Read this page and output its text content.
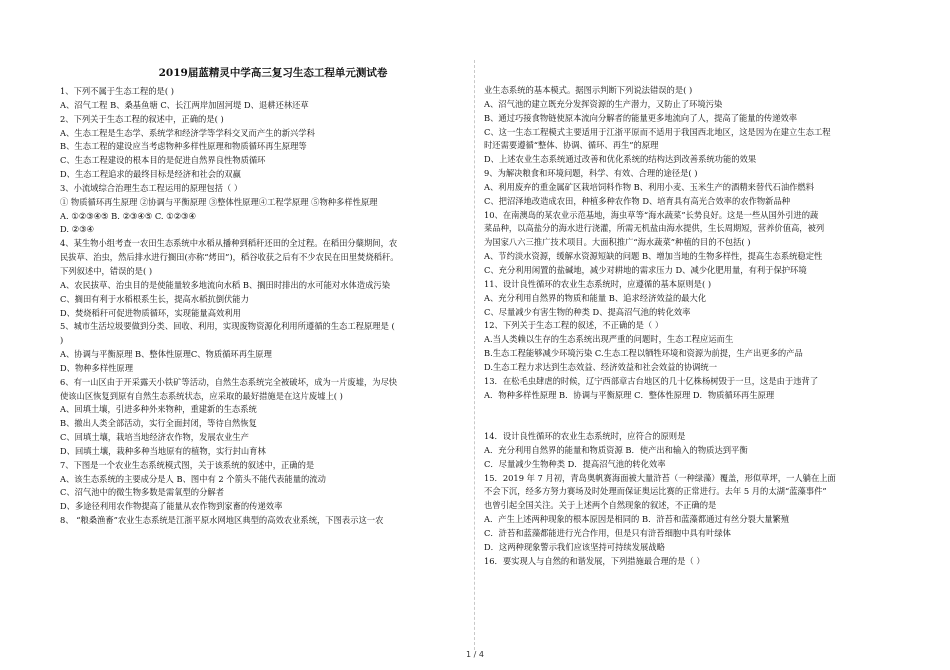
2019届蓝精灵中学高三复习生态工程单元测试卷
1、下列不属于生态工程的是( )
A、沼气工程 B、桑基鱼塘 C、长江两岸加固河堤 D、退耕还林还草
2、下列关于生态工程的叙述中，正确的是( )
A、生态工程是生态学、系统学和经济学等学科交叉而产生的新兴学科
B、生态工程的建设应当考虑物种多样性原理和物质循环再生原理等
C、生态工程建设的根本目的是促进自然界良性物质循环
D、生态工程追求的最终目标是经济和社会的双赢
3、小流域综合治理生态工程运用的原理包括（ ）
① 物质循环再生原理 ②协调与平衡原理 ③整体性原理④工程学原理 ⑤物种多样性原理
A. ①②③④⑤ B. ②③④⑤ C. ①②③④
D. ②③④
4、某生物小组考查一农田生态系统中水稻从播种到稻秆还田的全过程。在稻田分蘖期间，农
民拔草、治虫，然后排水进行搁田(亦称“烤田”)，稻谷收获之后有不少农民在田里焚烧稻秆。
下列叙述中，错误的是( )
A、农民拔草、治虫目的是使能量较多地流向水稻 B、搁田时排出的水可能对水体造成污染
C、搁田有利于水稻根系生长，提高水稻抗倒伏能力
D、焚烧稻秆可促进物质循环，实现能量高效利用
5、城市生活垃圾要做到分类、回收、利用，实现废物资源化利用所遵循的生态工程原理是 (
)
A、协调与平衡原理 B、整体性原理C、物质循环再生原理
D、物种多样性原理
6、有一山区由于开采露天小铁矿等活动，自然生态系统完全被破坏，成为一片废墟，为尽快
使该山区恢复到原有自然生态系统状态，应采取的最好措施是在这片废墟上( )
A、回填土壤，引进多种外来物种，重建新的生态系统
B、撤出人类全部活动，实行全面封闭，等待自然恢复
C、回填土壤，栽培当地经济农作物，发展农业生产
D、回填土壤，栽种多种当地原有的植物，实行封山育林
7、下图是一个农业生态系统模式图，关于该系统的叙述中，正确的是
A、该生态系统的主要成分是人 B、图中有 2 个箭头不能代表能量的流动
C、沼气池中的微生物多数是需氧型的分解者
D、多途径利用农作物提高了能量从农作物到家畜的传递效率
8、 “粮桑渔畜”农业生态系统是江浙平原水网地区典型的高效农业系统，下图表示这一农
业生态系统的基本模式。据图示判断下列说法错误的是( )
A、沼气池的建立既充分发挥资源的生产潜力，又防止了环境污染
B、通过巧接食物链使原本流向分解者的能量更多地流向了人，提高了能量的传递效率
C、这一生态工程模式主要适用于江浙平原而不适用于我国西北地区，这是因为在建立生态工程
时还需要遵循“整体、协调、循环、再生”的原理
D、上述农业生态系统通过改善和优化系统的结构达到改善系统功能的效果
9、为解决粮食和环境问题，科学、有效、合理的途径是( )
A、利用废弃的重金属矿区栽培饲料作物 B、利用小麦、玉米生产的酒精来替代石油作燃料
C、把沼泽地改造成农田，种植多种农作物 D、培育具有高光合效率的农作物新品种
10、在南澳岛的某农业示范基地，海虫草等“海水蔬菜”长势良好。这是一些从国外引进的蔬
菜品种，以高盐分的海水进行浇灌，所需无机盐由海水提供，生长周期短，营养价值高，被列
为国家八六三推广技术项目。大面积推广“海水蔬菜”种植的目的不包括( )
A、节约淡水资源，缓解水资源短缺的问题 B、增加当地的生物多样性，提高生态系统稳定性
C、充分利用闲置的盐碱地，减少对耕地的需求压力 D、减少化肥用量，有利于保护环境
11、设计良性循环的农业生态系统时，应遵循的基本原则是( )
A、充分利用自然界的物质和能量 B、追求经济效益的最大化
C、尽量减少有害生物的种类 D、提高沼气池的转化效率
12、下列关于生态工程的叙述，不正确的是（ ）
A.当人类赖以生存的生态系统出现严重的问题时，生态工程应运而生
B.生态工程能够减少环境污染 C.生态工程以牺牲环境和资源为前提，生产出更多的产品
D.生态工程力求达到生态效益、经济效益和社会效益的协调统一
13．在松毛虫肆虐的时候，辽宁西部章古台地区的几十亿株杨树毁于一旦，这是由于违背了
A．物种多样性原理 B．协调与平衡原理 C．整体性原理 D．物质循环再生原理
14．设计良性循环的农业生态系统时，应符合的原则是
A．充分利用自然界的能量和物质资源 B．使产出和输入的物质达到平衡
C．尽量减少生物种类 D．提高沼气池的转化效率
15．2019 年 7 月初，青岛奥帆赛海面被大量浒苔（一种绿藻）覆盖，形似草坪，一人躺在上面
不会下沉，经多方努力赛场及时处理而保证奥运比赛的正常进行。去年 5 月的太湖“蓝藻事件”
也曾引起全国关注。关于上述两个自然现象的叙述，不正确的是
A．产生上述两种现象的根本原因是相同的 B．浒苔和蓝藻都通过有丝分裂大量繁殖
C．浒苔和蓝藻都能进行光合作用，但是只有浒苔细胞中具有叶绿体
D．这两种现象警示我们应该坚持可持续发展战略
16．要实现人与自然的和谐发展，下列措施最合理的是（ ）
1 / 4
